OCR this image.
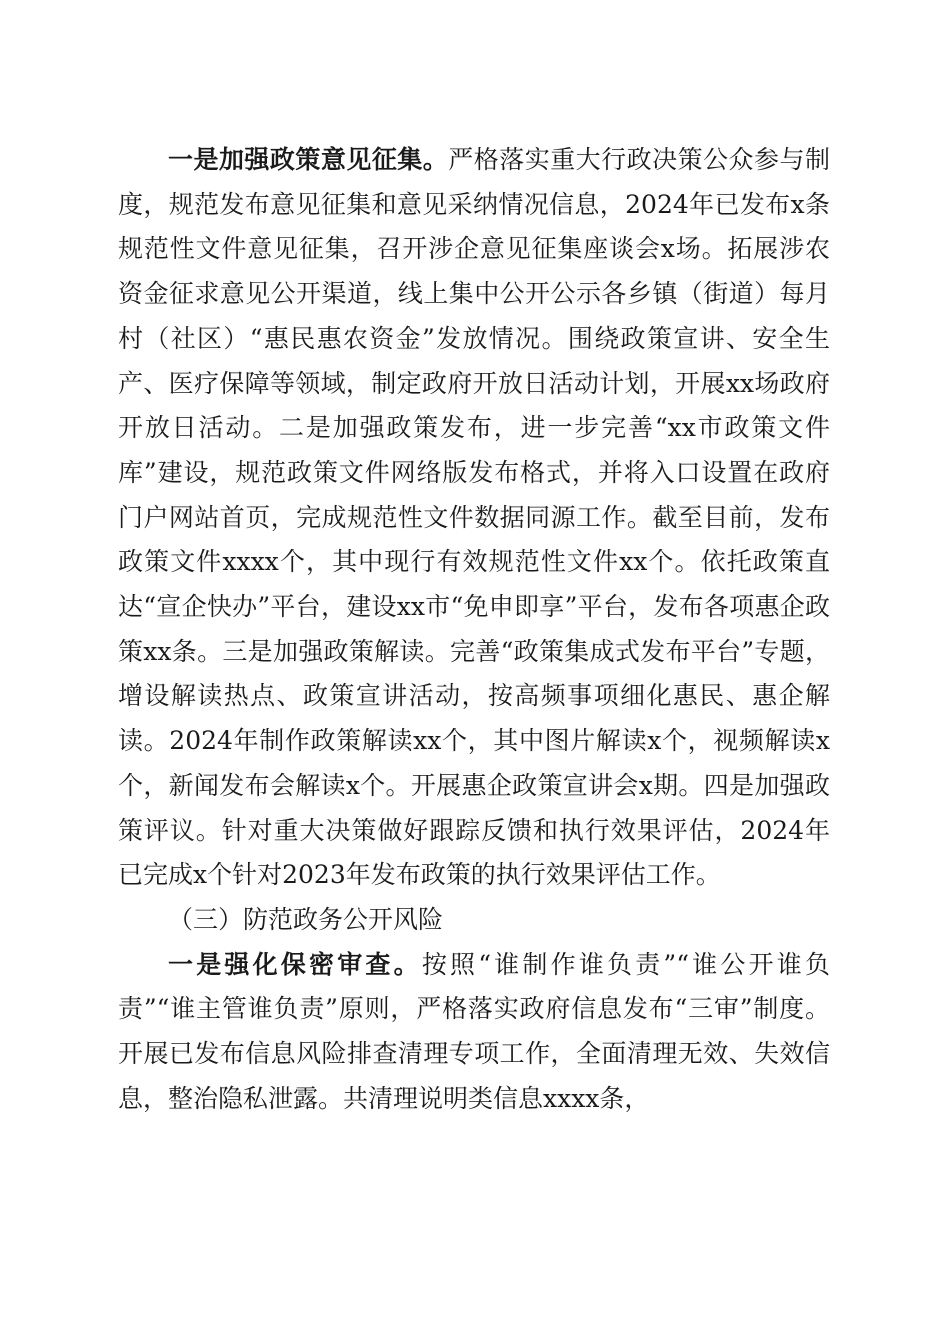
一是加强政策意见征集。严格落实重大行政决策公众参与制度，规范发布意见征集和意见采纳情况信息，2024年已发布x条规范性文件意见征集，召开涉企意见征集座谈会x场。拓展涉农资金征求意见公开渠道，线上集中公开公示各乡镇（街道）每月村（社区）“惠民惠农资金”发放情况。围绕政策宣讲、安全生产、医疗保障等领域，制定政府开放日活动计划，开展xx场政府开放日活动。二是加强政策发布，进一步完善“xx市政策文件库”建设，规范政策文件网络版发布格式，并将入口设置在政府门户网站首页，完成规范性文件数据同源工作。截至目前，发布政策文件xxxx个，其中现行有效规范性文件xx个。依托政策直达“宣企快办”平台，建设xx市“免申即享”平台，发布各项惠企政策xx条。三是加强政策解读。完善“政策集成式发布平台”专题，增设解读热点、政策宣讲活动，按高频事项细化惠民、惠企解读。2024年制作政策解读xx个，其中图片解读x个，视频解读x个，新闻发布会解读x个。开展惠企政策宣讲会x期。四是加强政策评议。针对重大决策做好跟踪反馈和执行效果评估，2024年已完成x个针对2023年发布政策的执行效果评估工作。

（三）防范政务公开风险

一是强化保密审查。按照“谁制作谁负责”“谁公开谁负责”“谁主管谁负责”原则，严格落实政府信息发布“三审”制度。开展已发布信息风险排查清理专项工作，全面清理无效、失效信息，整治隐私泄露。共清理说明类信息xxxx条，
